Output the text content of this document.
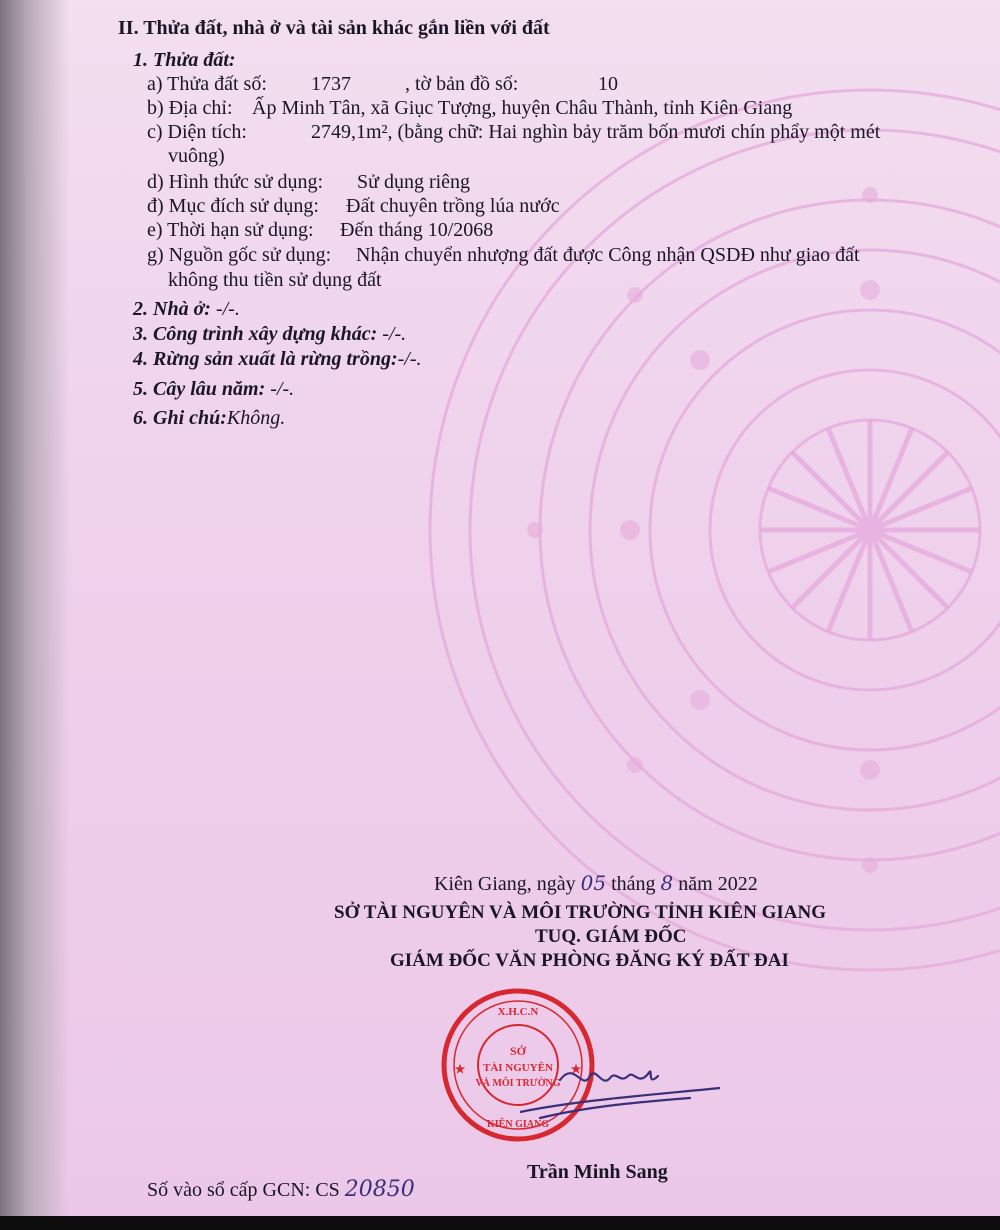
II. Thửa đất, nhà ở và tài sản khác gắn liền với đất
1. Thửa đất:
a) Thửa đất số: 1737	, tờ bản đồ số:	10
b) Địa chỉ: Ấp Minh Tân, xã Giục Tượng, huyện Châu Thành, tỉnh Kiên Giang
c) Diện tích:	2749,1m², (bằng chữ: Hai nghìn bảy trăm bốn mươi chín phẩy một mét
vuông)
d) Hình thức sử dụng: Sử dụng riêng
đ) Mục đích sử dụng: Đất chuyên trồng lúa nước
e) Thời hạn sử dụng: Đến tháng 10/2068
g) Nguồn gốc sử dụng: Nhận chuyển nhượng đất được Công nhận QSDĐ như giao đất
không thu tiền sử dụng đất
2. Nhà ở: -/-.
3. Công trình xây dựng khác: -/-.
4. Rừng sản xuất là rừng trồng:-/-.
5. Cây lâu năm: -/-.
6. Ghi chú:Không.
Kiên Giang, ngày 05 tháng 8 năm 2022
SỞ TÀI NGUYÊN VÀ MÔI TRƯỜNG TỈNH KIÊN GIANG
TUQ. GIÁM ĐỐC
GIÁM ĐỐC VĂN PHÒNG ĐĂNG KÝ ĐẤT ĐAI
X.H.C.N
SỞ
TÀI NGUYÊN
VÀ MÔI TRƯỜNG
KIÊN GIANG
★	★
Trần Minh Sang
Số vào sổ cấp GCN: CS 20850
